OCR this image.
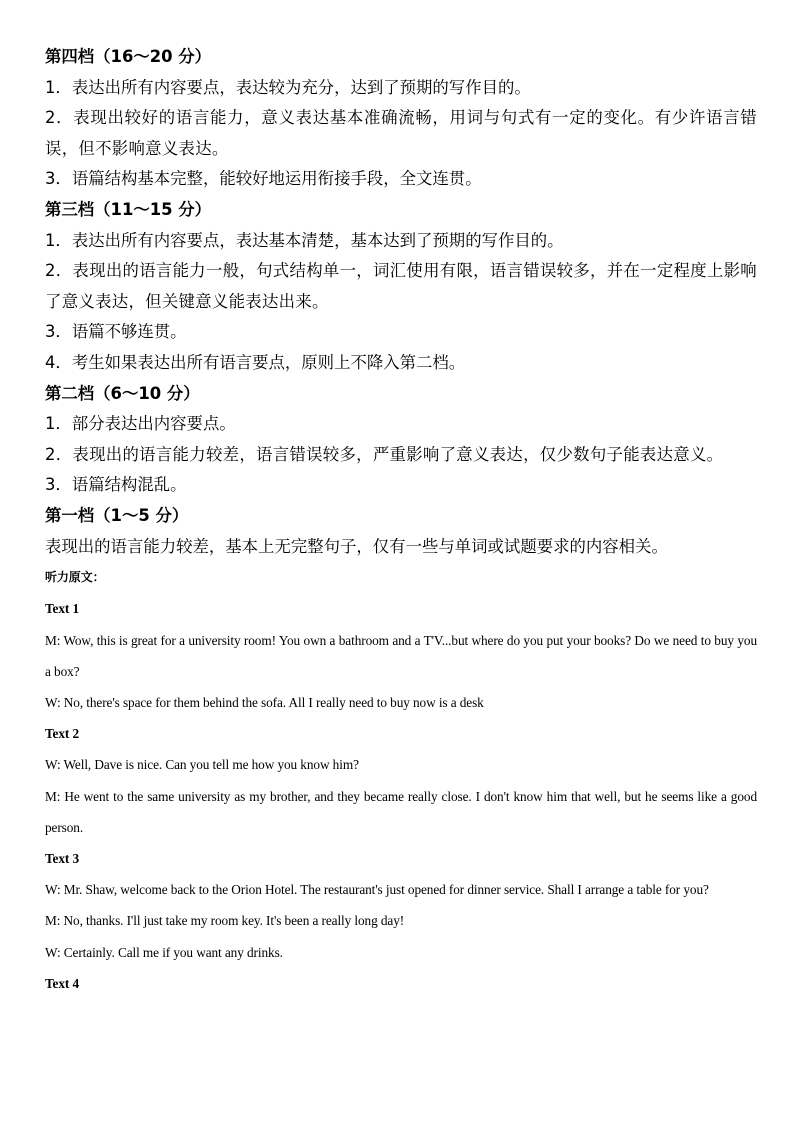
第四档（16～20 分）
1．表达出所有内容要点，表达较为充分，达到了预期的写作目的。
2．表现出较好的语言能力，意义表达基本准确流畅，用词与句式有一定的变化。有少许语言错误，但不影响意义表达。
3．语篇结构基本完整，能较好地运用衔接手段，全文连贯。
第三档（11～15 分）
1．表达出所有内容要点，表达基本清楚，基本达到了预期的写作目的。
2．表现出的语言能力一般，句式结构单一，词汇使用有限，语言错误较多，并在一定程度上影响了意义表达，但关键意义能表达出来。
3．语篇不够连贯。
4．考生如果表达出所有语言要点，原则上不降入第二档。
第二档（6～10 分）
1．部分表达出内容要点。
2．表现出的语言能力较差，语言错误较多，严重影响了意义表达，仅少数句子能表达意义。
3．语篇结构混乱。
第一档（1～5 分）
表现出的语言能力较差，基本上无完整句子，仅有一些与单词或试题要求的内容相关。
听力原文：
Text 1
M: Wow, this is great for a university room! You own a bathroom and a T'V...but where do you put your books? Do we need to buy you a box?
W: No, there's space for them behind the sofa. All I really need to buy now is a desk
Text 2
W: Well, Dave is nice. Can you tell me how you know him?
M: He went to the same university as my brother, and they became really close. I don't know him that well, but he seems like a good person.
Text 3
W: Mr. Shaw, welcome back to the Orion Hotel. The restaurant's just opened for dinner service. Shall I arrange a table for you?
M: No, thanks. I'll just take my room key. It's been a really long day!
W: Certainly. Call me if you want any drinks.
Text 4
